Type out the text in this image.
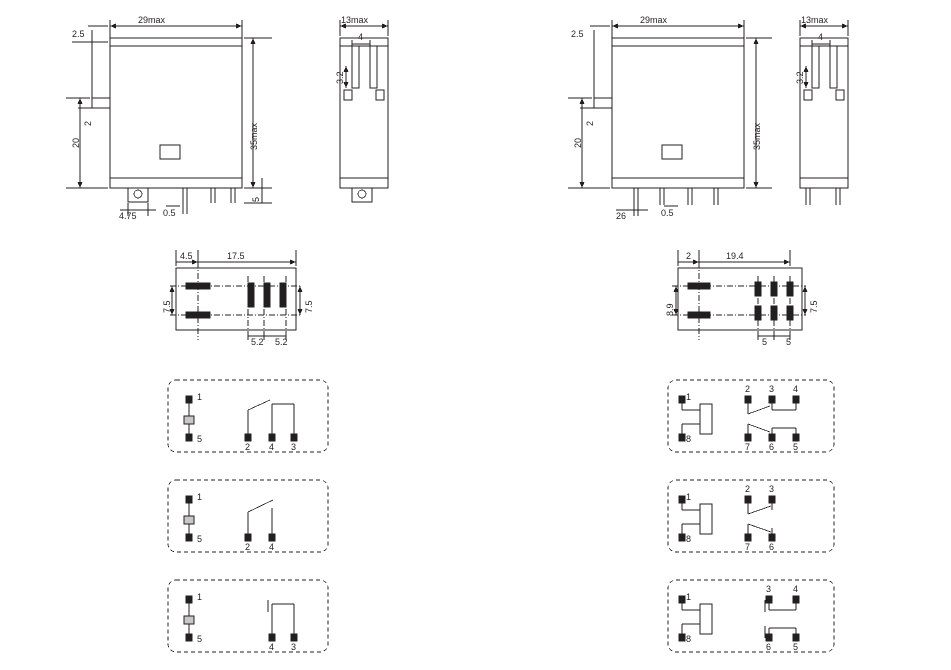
2.5
29max
35max
20
2
5
4.75	0.5
13max
4
3.2
4.5	17.5
7.5	7.5
5.2 5.2
1
5
2 4 3
1
5
2 4
1
5
4 3
2.5
29max
35max
20
2
26	0.5
13max
4
3.2
2	19.4
8.9	7.5
5 5
1
8
2 3 4
7 6 5
1
8
2 3
7 6
1
8
3 4
6 5
